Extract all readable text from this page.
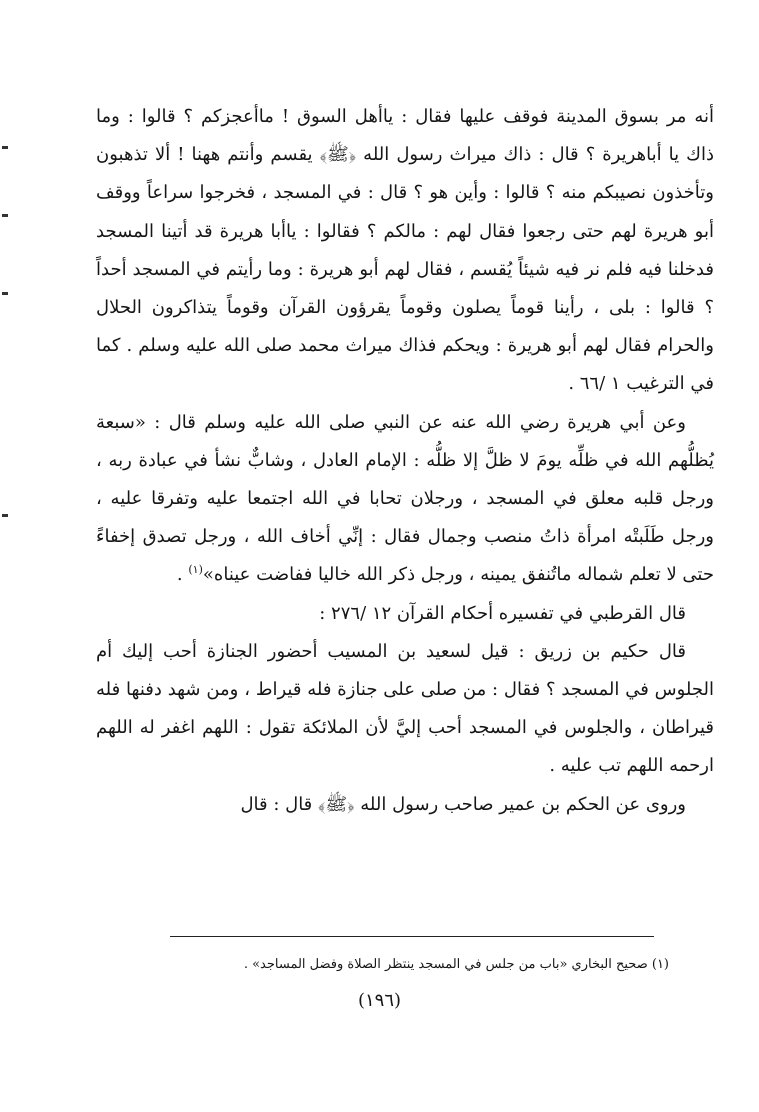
أنه مر بسوق المدينة فوقف عليها فقال : ياأهل السوق ! ماأعجزكم ؟ قالوا : وما ذاك يا أباهريرة ؟ قال : ذاك ميراث رسول الله ﴿ﷺ﴾ يقسم وأنتم ههنا ! ألا تذهبون وتأخذون نصيبكم منه ؟ قالوا : وأين هو ؟ قال : في المسجد ، فخرجوا سراعاً ووقف أبو هريرة لهم حتى رجعوا فقال لهم : مالكم ؟ فقالوا : ياأبا هريرة قد أتينا المسجد فدخلنا فيه فلم نر فيه شيئاً يُقسم ، فقال لهم أبو هريرة : وما رأيتم في المسجد أحداً ؟ قالوا : بلى ، رأينا قوماً يصلون وقوماً يقرؤون القرآن وقوماً يتذاكرون الحلال والحرام فقال لهم أبو هريرة : ويحكم فذاك ميراث محمد صلى الله عليه وسلم . كما في الترغيب ١ /٦٦ .

وعن أبي هريرة رضي الله عنه عن النبي صلى الله عليه وسلم قال : «سبعة يُظلُّهم الله في ظلِّه يومَ لا ظلَّ إلا ظلُّه : الإمام العادل ، وشابٌّ نشأ في عبادة ربه ، ورجل قلبه معلق في المسجد ، ورجلان تحابا في الله اجتمعا عليه وتفرقا عليه ، ورجل طَلَبتْه امرأة ذاتُ منصب وجمال فقال : إنِّي أخاف الله ، ورجل تصدق إخفاءً حتى لا تعلم شماله ماتُنفق يمينه ، ورجل ذكر الله خاليا ففاضت عيناه»$^{(١)}$ .

قال القرطبي في تفسيره أحكام القرآن ١٢ /٢٧٦ :

قال حكيم بن زريق : قيل لسعيد بن المسيب أحضور الجنازة أحب إليك أم الجلوس في المسجد ؟ فقال : من صلى على جنازة فله قيراط ، ومن شهد دفنها فله قيراطان ، والجلوس في المسجد أحب إليَّ لأن الملائكة تقول : اللهم اغفر له اللهم ارحمه اللهم تب عليه .

وروى عن الحكم بن عمير صاحب رسول الله ﴿ﷺ﴾ قال : قال

(١) صحيح البخاري «باب من جلس في المسجد ينتظر الصلاة وفضل المساجد» .
(١٩٦)
